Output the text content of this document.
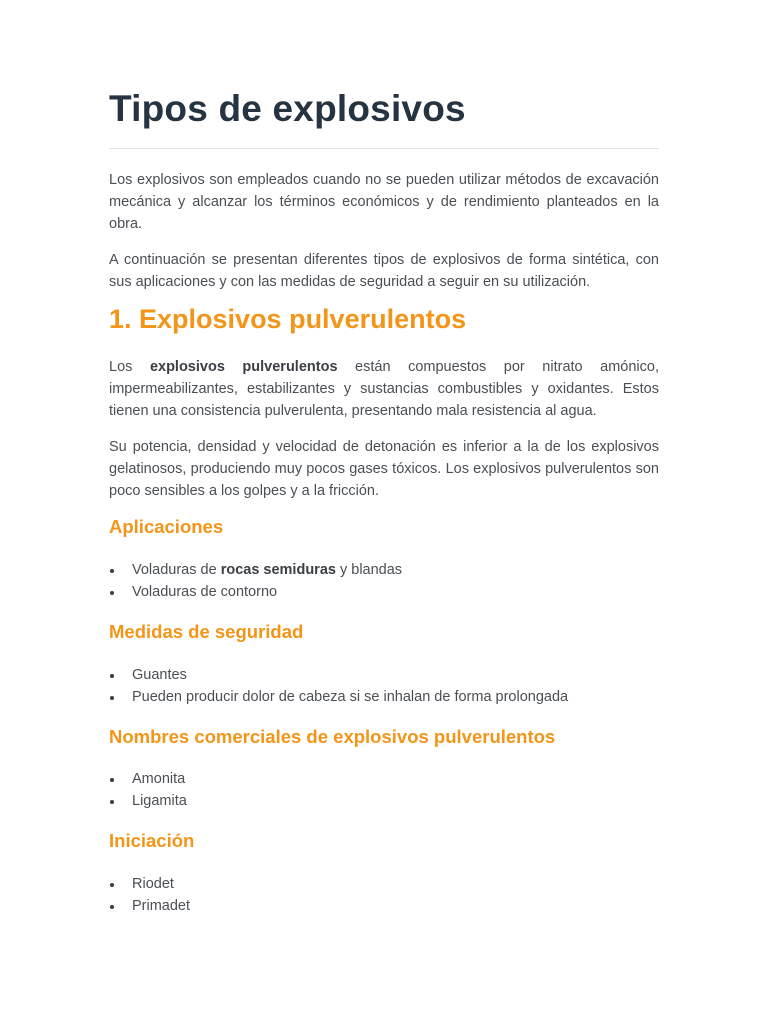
Tipos de explosivos

Los explosivos son empleados cuando no se pueden utilizar métodos de excavación mecánica y alcanzar los términos económicos y de rendimiento planteados en la obra.

A continuación se presentan diferentes tipos de explosivos de forma sintética, con sus aplicaciones y con las medidas de seguridad a seguir en su utilización.

1. Explosivos pulverulentos

Los explosivos pulverulentos están compuestos por nitrato amónico, impermeabilizantes, estabilizantes y sustancias combustibles y oxidantes. Estos tienen una consistencia pulverulenta, presentando mala resistencia al agua.

Su potencia, densidad y velocidad de detonación es inferior a la de los explosivos gelatinosos, produciendo muy pocos gases tóxicos. Los explosivos pulverulentos son poco sensibles a los golpes y a la fricción.

Aplicaciones
Voladuras de rocas semiduras y blandas
Voladuras de contorno
Medidas de seguridad
Guantes
Pueden producir dolor de cabeza si se inhalan de forma prolongada
Nombres comerciales de explosivos pulverulentos
Amonita
Ligamita
Iniciación
Riodet
Primadet
